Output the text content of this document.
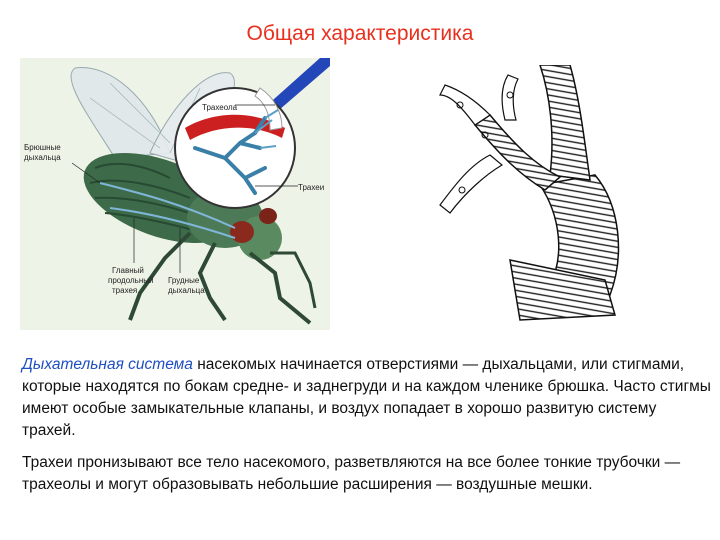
Общая характеристика
Брюшные
дыхальца
Трахеола
Трахеи
Главный
продольный
трахея
Грудные
дыхальца
Дыхательная система насекомых начинается отверстиями — дыхальцами, или стигмами, которые находятся по бокам средне- и заднегруди и на каждом членике брюшка. Часто стигмы имеют особые замыкательные клапаны, и воздух попадает в хорошо развитую систему трахей.
Трахеи пронизывают все тело насекомого, разветвляются на все более тонкие трубочки — трахеолы и могут образовывать небольшие расширения — воздушные мешки.
